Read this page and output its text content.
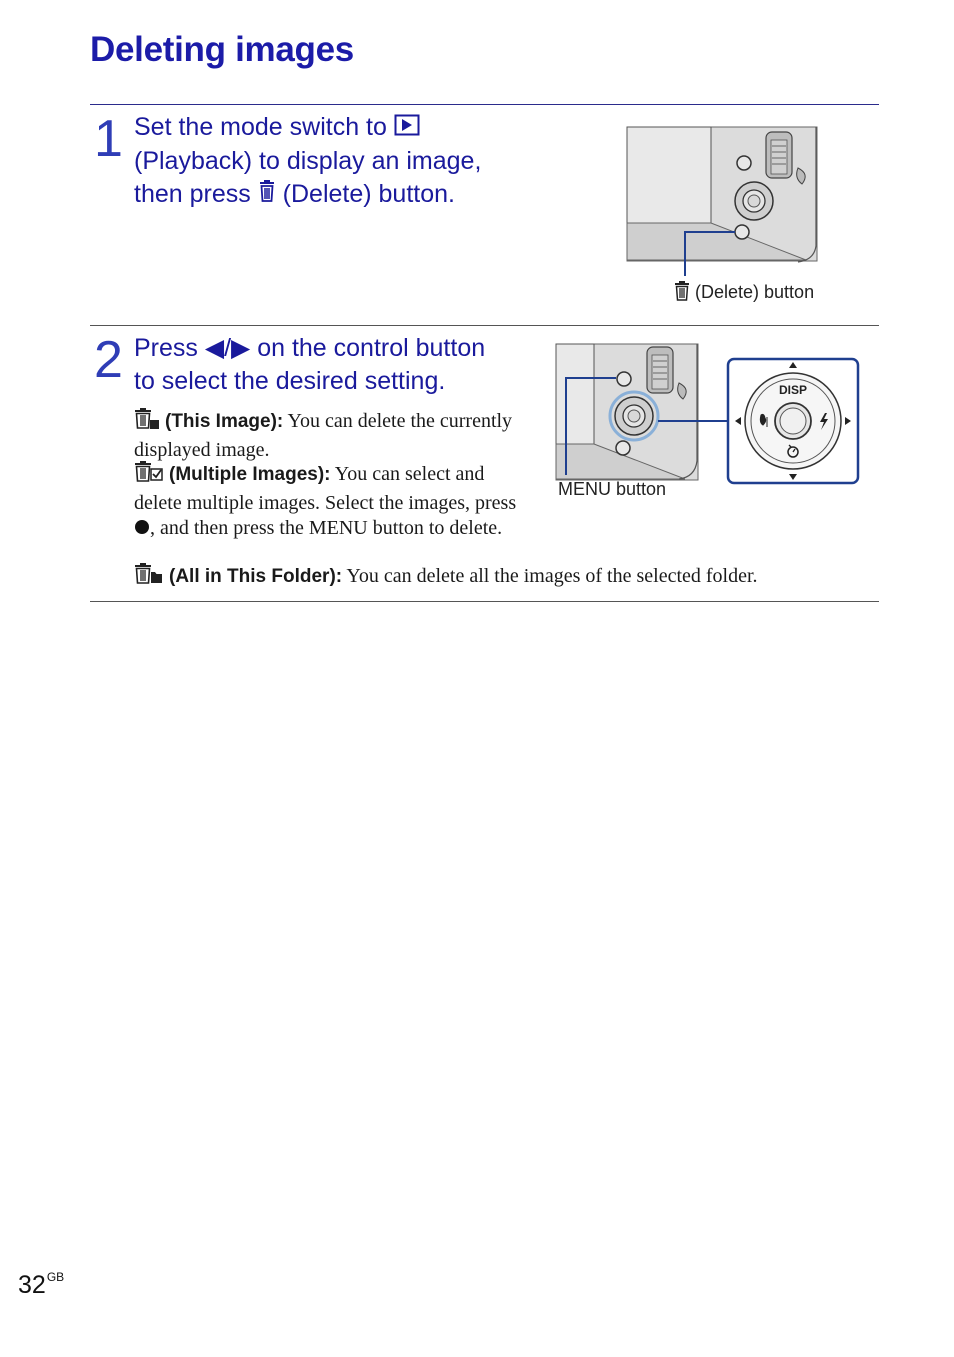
Deleting images
1 Set the mode switch to
(Playback) to display an image,
then press (Delete) button.
(Delete) button
2 Press ◀/▶ on the control button
to select the desired setting.
(This Image): You can delete the currently displayed image.
(Multiple Images): You can select and delete multiple images. Select the images, press , and then press the MENU button to delete.
(All in This Folder): You can delete all the images of the selected folder.
DISP
MENU button
$32^{GB}$
